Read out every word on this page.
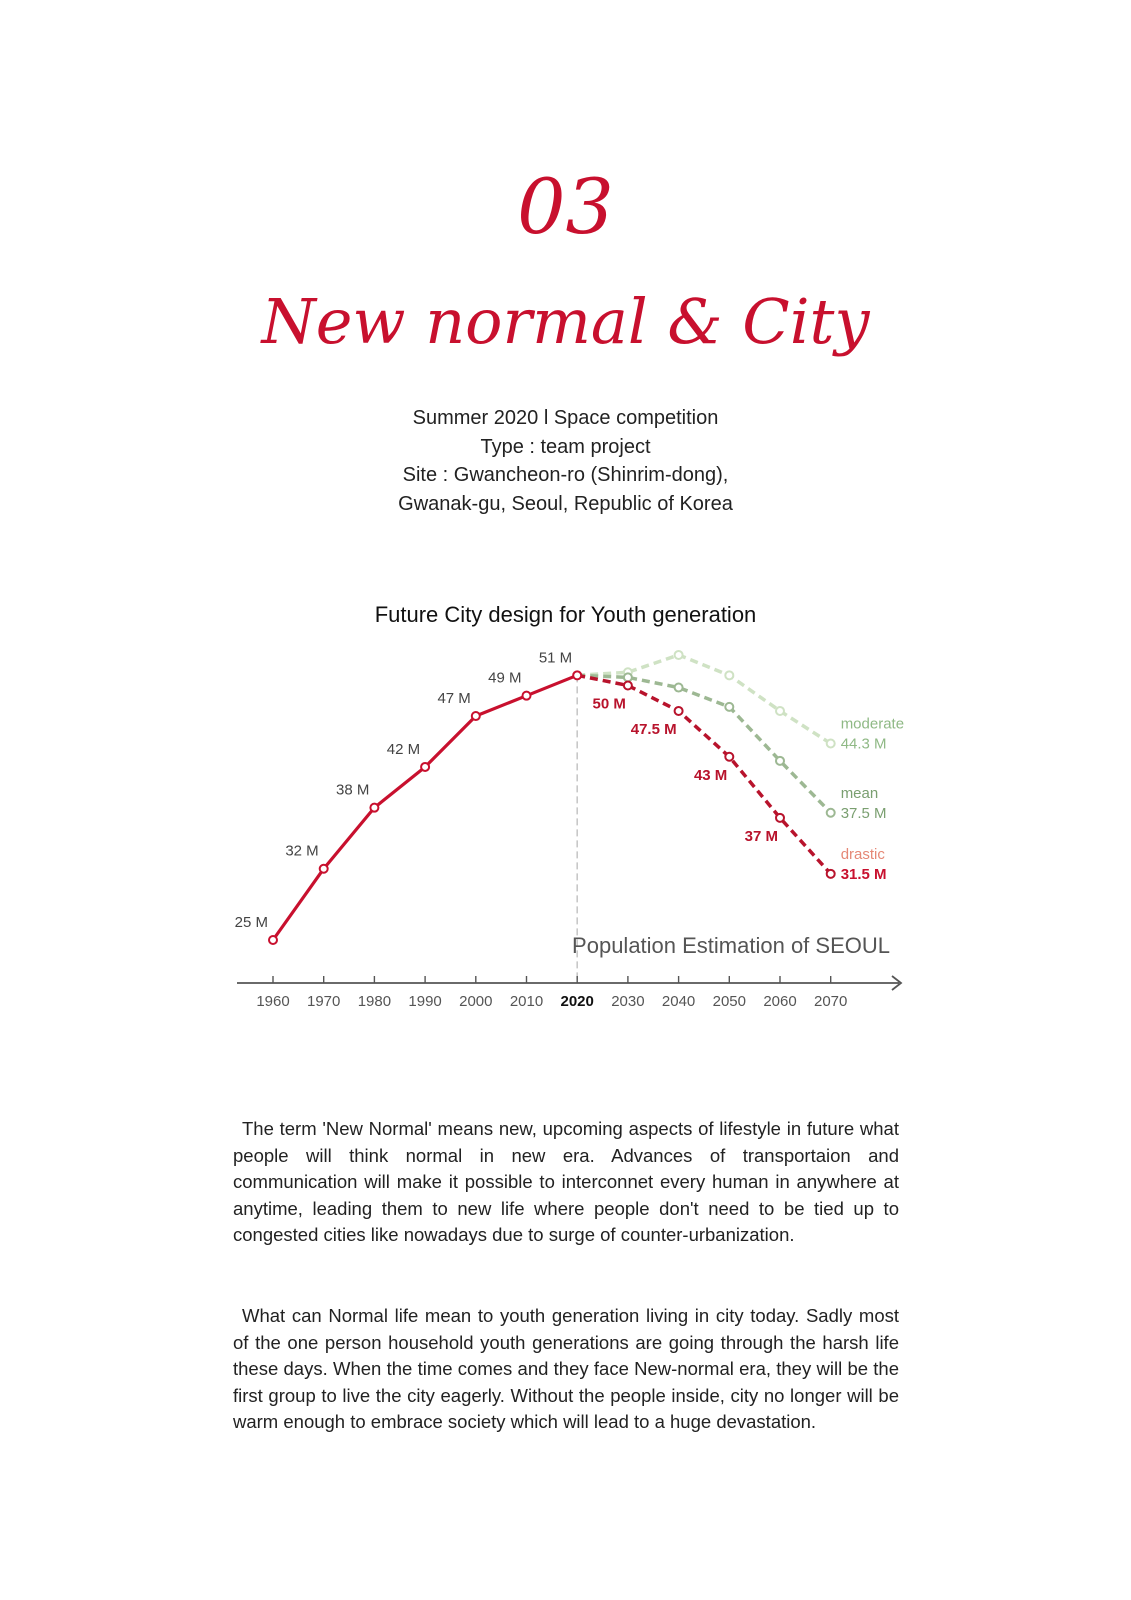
03
New normal & City
Summer 2020 l Space competition
Type : team project
Site : Gwancheon-ro (Shinrim-dong),
Gwanak-gu, Seoul, Republic of Korea
Future City design for Youth generation
Population Estimation of SEOUL
1960 1970 1980 1990 2000 2010 2020 2030 2040 2050 2060 2070
moderate
44.3 M
mean
37.5 M
drastic
31.5 M
50 M
47.5 M
43 M
37 M
25 M
32 M
38 M
42 M
47 M
49 M
51 M

The term 'New Normal' means new, upcoming aspects of lifestyle in future what people will think normal in new era. Advances of transportaion and communication will make it possible to interconnet every human in anywhere at anytime, leading them to new life where people don't need to be tied up to congested cities like nowadays due to surge of counter-urbanization.

What can Normal life mean to youth generation living in city today. Sadly most of the one person household youth generations are going through the harsh life these days. When the time comes and they face New-normal era, they will be the first group to live the city eagerly. Without the people inside, city no longer will be warm enough to embrace society which will lead to a huge devastation.
